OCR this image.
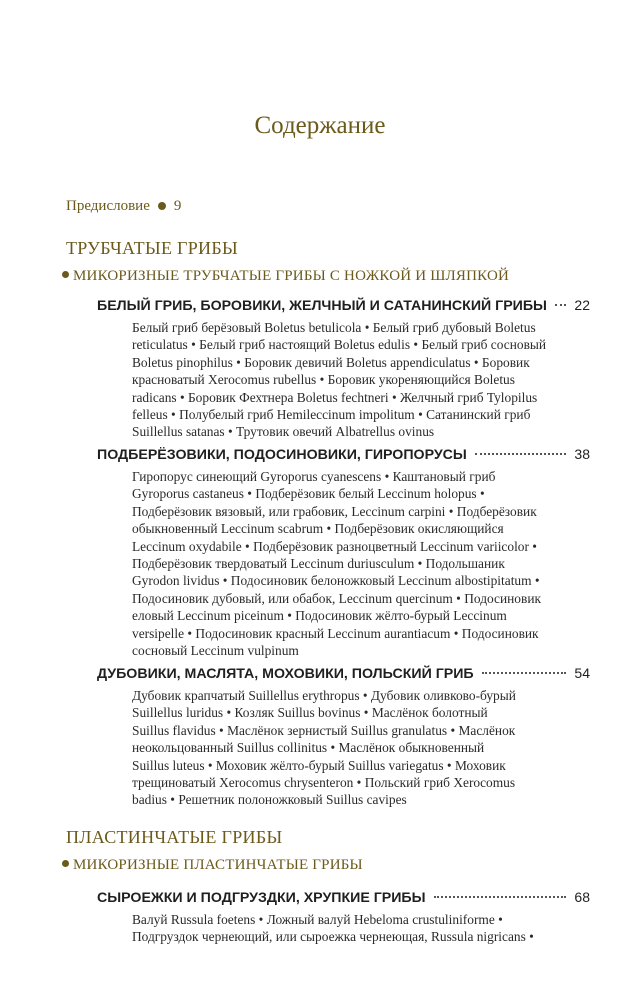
Содержание
Предисловие 9
ТРУБЧАТЫЕ ГРИБЫ
МИКОРИЗНЫЕ ТРУБЧАТЫЕ ГРИБЫ С НОЖКОЙ И ШЛЯПКОЙ
БЕЛЫЙ ГРИБ, БОРОВИКИ, ЖЕЛЧНЫЙ И САТАНИНСКИЙ ГРИБЫ 22
Белый гриб берёзовый Boletus betulicola • Белый гриб дубовый Boletus
reticulatus • Белый гриб настоящий Boletus edulis • Белый гриб сосновый
Boletus pinophilus • Боровик девичий Boletus appendiculatus • Боровик
красноватый Xerocomus rubellus • Боровик укореняющийся Boletus
radicans • Боровик Фехтнера Boletus fechtneri • Желчный гриб Tylopilus
felleus • Полубелый гриб Hemileccinum impolitum • Сатанинский гриб
Suillellus satanas • Трутовик овечий Albatrellus ovinus
ПОДБЕРЁЗОВИКИ, ПОДОСИНОВИКИ, ГИРОПОРУСЫ	38
Гиропорус синеющий Gyroporus cyanescens • Каштановый гриб
Gyroporus castaneus • Подберёзовик белый Leccinum holopus •
Подберёзовик вязовый, или грабовик, Leccinum carpini • Подберёзовик
обыкновенный Leccinum scabrum • Подберёзовик окисляющийся
Leccinum oxydabile • Подберёзовик разноцветный Leccinum variicolor •
Подберёзовик твердоватый Leccinum duriusculum • Подольшаник
Gyrodon lividus • Подосиновик белоножковый Leccinum albostipitatum •
Подосиновик дубовый, или обабок, Leccinum quercinum • Подосиновик
еловый Leccinum piceinum • Подосиновик жёлто-бурый Leccinum
versipelle • Подосиновик красный Leccinum aurantiacum • Подосиновик
сосновый Leccinum vulpinum
ДУБОВИКИ, МАСЛЯТА, МОХОВИКИ, ПОЛЬСКИЙ ГРИБ	54
Дубовик крапчатый Suillellus erythropus • Дубовик оливково-бурый
Suillellus luridus • Козляк Suillus bovinus • Маслёнок болотный
Suillus flavidus • Маслёнок зернистый Suillus granulatus • Маслёнок
неокольцованный Suillus collinitus • Маслёнок обыкновенный
Suillus luteus • Моховик жёлто-бурый Suillus variegatus • Моховик
трещиноватый Xerocomus chrysenteron • Польский гриб Xerocomus
badius • Решетник полоножковый Suillus cavipes
ПЛАСТИНЧАТЫЕ ГРИБЫ
МИКОРИЗНЫЕ ПЛАСТИНЧАТЫЕ ГРИБЫ
СЫРОЕЖКИ И ПОДГРУЗДКИ, ХРУПКИЕ ГРИБЫ	68
Валуй Russula foetens • Ложный валуй Hebeloma crustuliniforme •
Подгруздок чернеющий, или сыроежка чернеющая, Russula nigricans •
